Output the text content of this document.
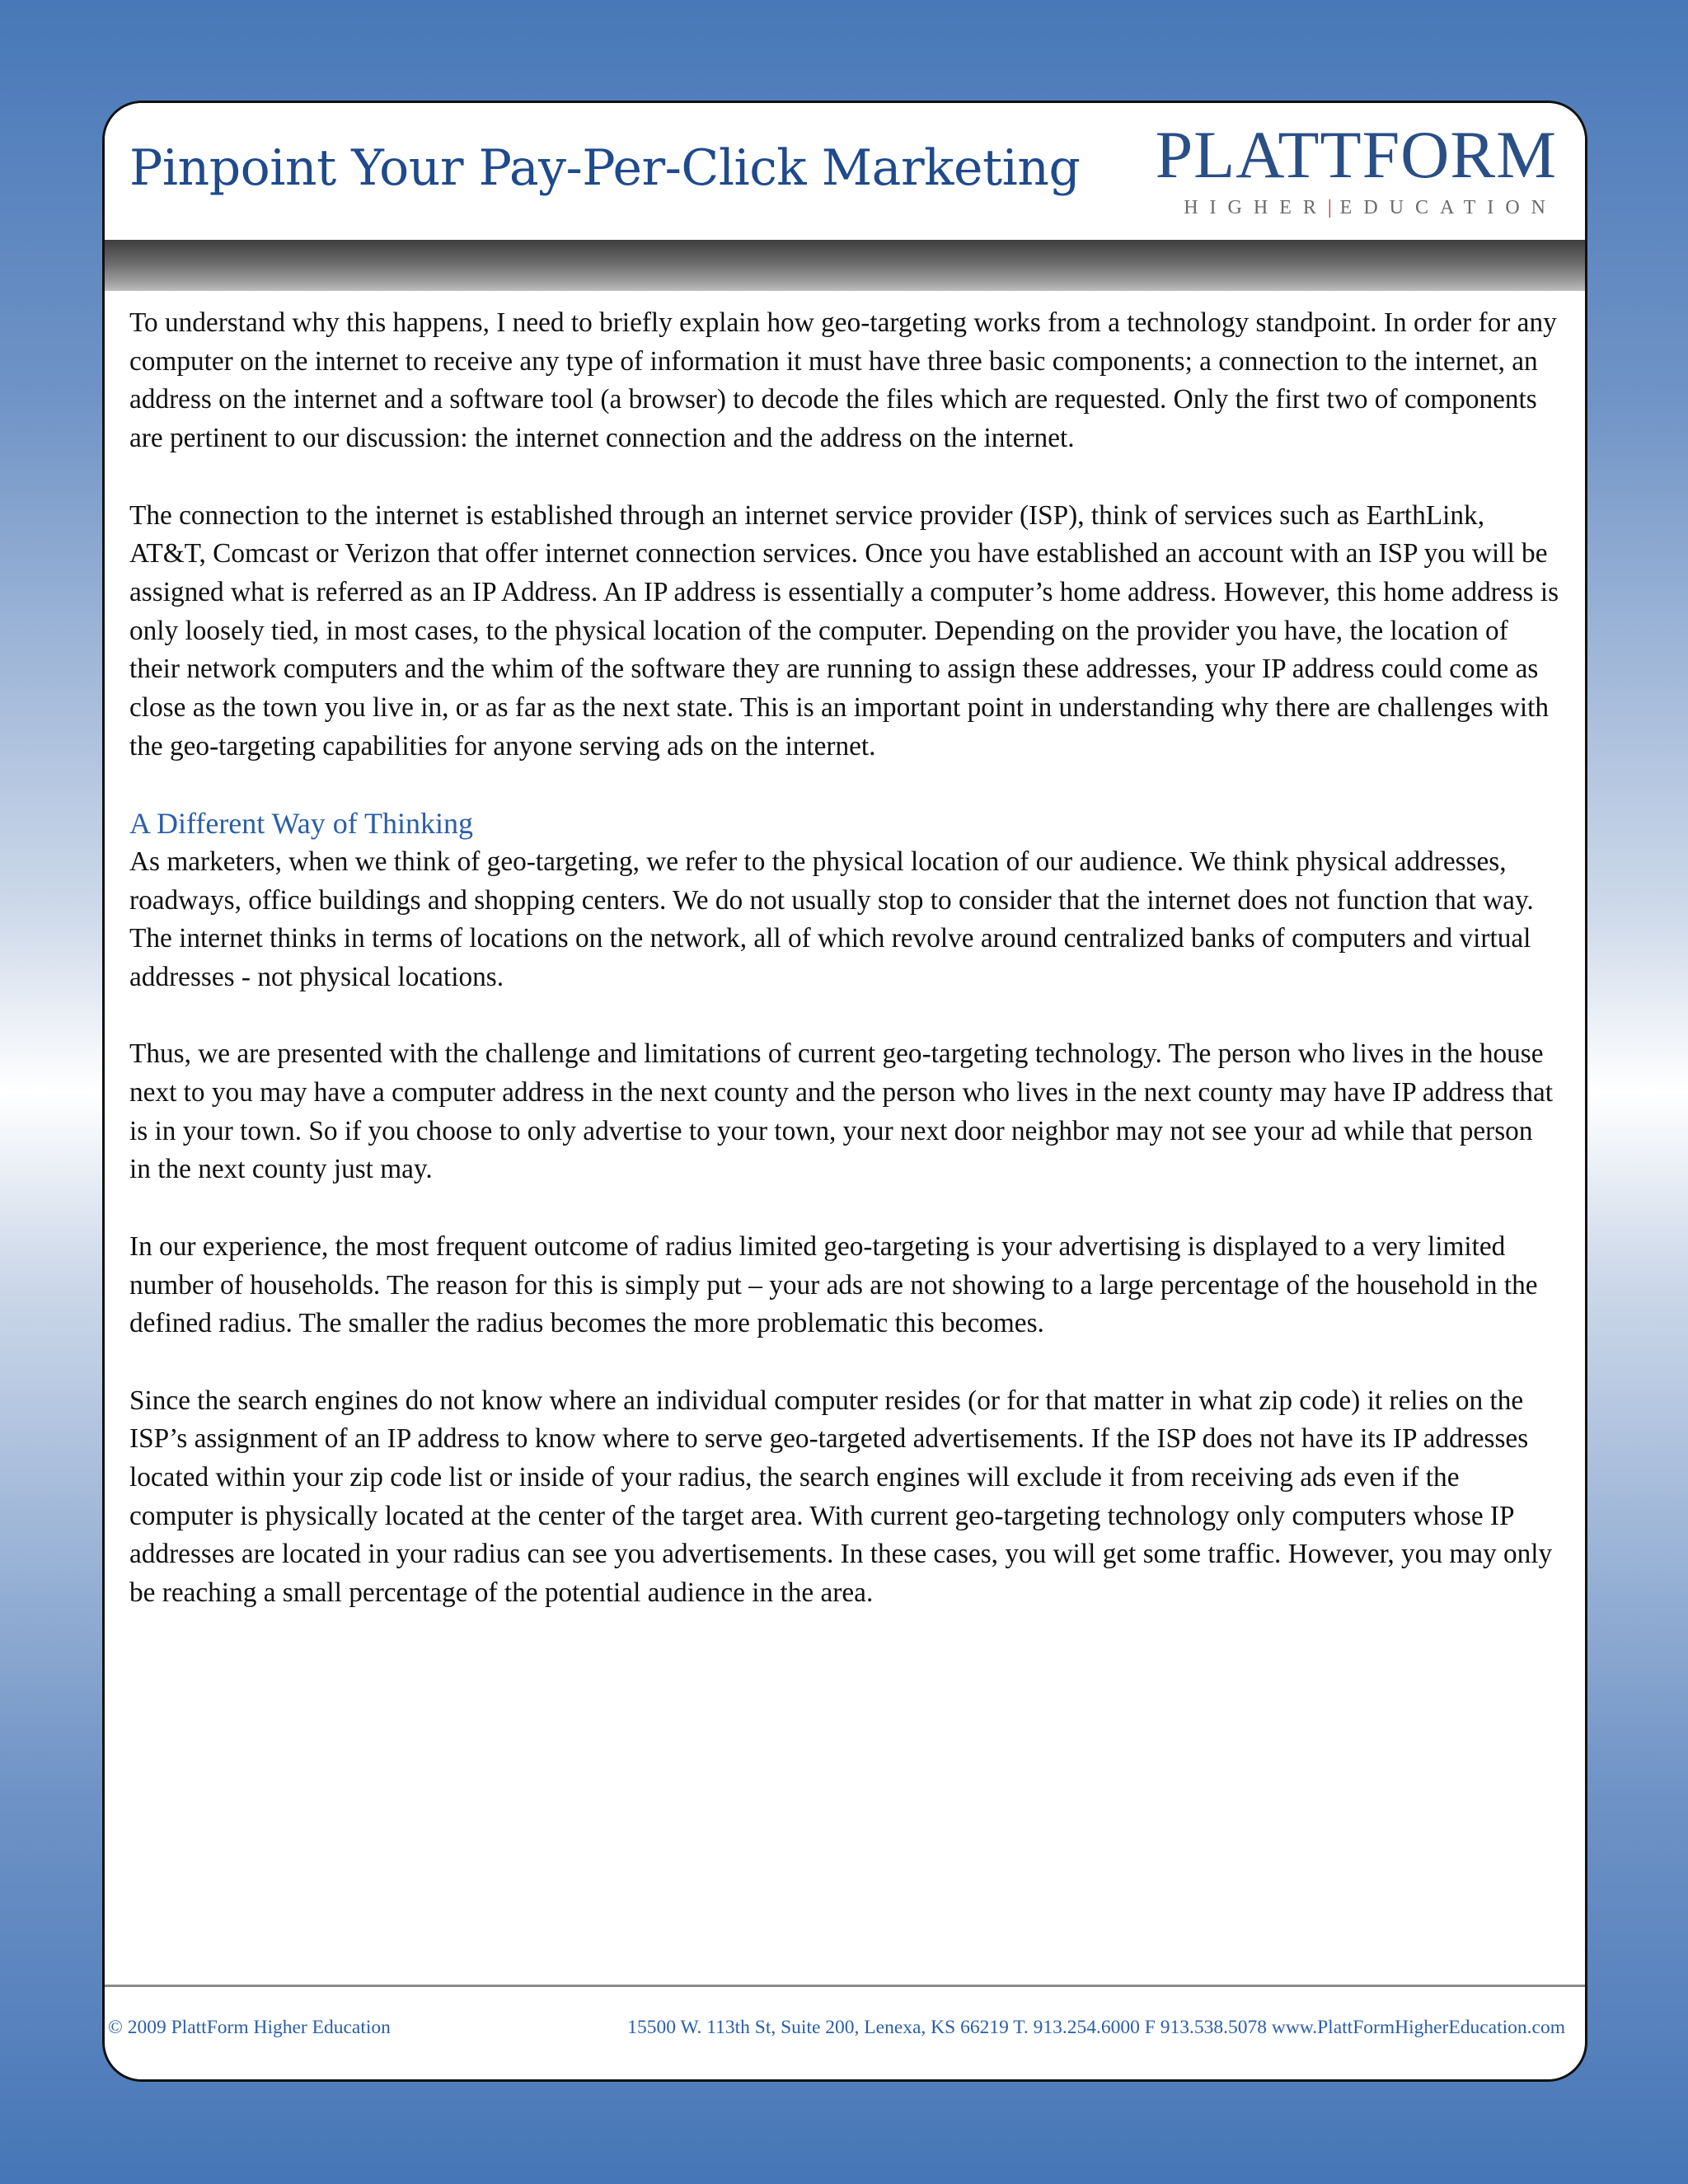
Pinpoint Your Pay-Per-Click Marketing PLATTFORM
HIGHER|EDUCATION

To understand why this happens, I need to briefly explain how geo-targeting works from a technology standpoint. In order for any computer on the internet to receive any type of information it must have three basic components; a connection to the internet, an address on the internet and a software tool (a browser) to decode the files which are requested. Only the first two of components are pertinent to our discussion: the internet connection and the address on the internet.

The connection to the internet is established through an internet service provider (ISP), think of services such as EarthLink, AT&T, Comcast or Verizon that offer internet connection services. Once you have established an account with an ISP you will be assigned what is referred as an IP Address. An IP address is essentially a computer’s home address. However, this home address is only loosely tied, in most cases, to the physical location of the computer. Depending on the provider you have, the location of their network computers and the whim of the software they are running to assign these addresses, your IP address could come as close as the town you live in, or as far as the next state. This is an important point in understanding why there are challenges with the geo-targeting capabilities for anyone serving ads on the internet.

A Different Way of Thinking

As marketers, when we think of geo-targeting, we refer to the physical location of our audience. We think physical addresses, roadways, office buildings and shopping centers. We do not usually stop to consider that the internet does not function that way. The internet thinks in terms of locations on the network, all of which revolve around centralized banks of computers and virtual addresses - not physical locations.

Thus, we are presented with the challenge and limitations of current geo-targeting technology. The person who lives in the house next to you may have a computer address in the next county and the person who lives in the next county may have IP address that is in your town. So if you choose to only advertise to your town, your next door neighbor may not see your ad while that person in the next county just may.

In our experience, the most frequent outcome of radius limited geo-targeting is your advertising is displayed to a very limited number of households. The reason for this is simply put – your ads are not showing to a large percentage of the household in the defined radius. The smaller the radius becomes the more problematic this becomes.

Since the search engines do not know where an individual computer resides (or for that matter in what zip code) it relies on the ISP’s assignment of an IP address to know where to serve geo-targeted advertisements. If the ISP does not have its IP addresses located within your zip code list or inside of your radius, the search engines will exclude it from receiving ads even if the computer is physically located at the center of the target area. With current geo-targeting technology only computers whose IP addresses are located in your radius can see you advertisements. In these cases, you will get some traffic. However, you may only be reaching a small percentage of the potential audience in the area.

© 2009 PlattForm Higher Education	15500 W. 113th St, Suite 200, Lenexa, KS 66219 T. 913.254.6000 F 913.538.5078 www.PlattFormHigherEducation.com
